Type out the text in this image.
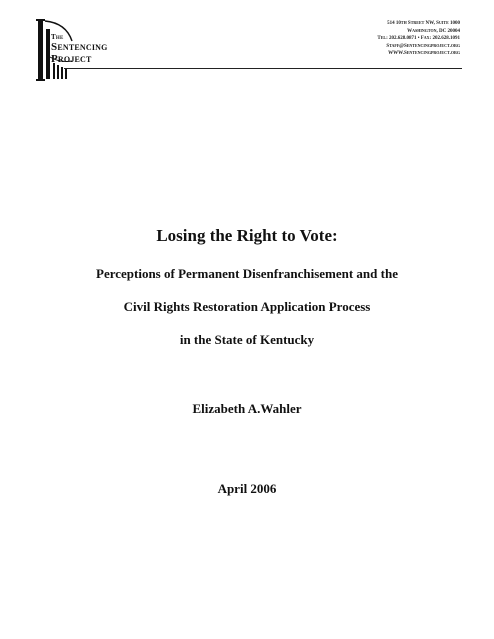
The
Sentencing
Project
514 10th Street NW, Suite 1000
Washington, DC 20004
Tel: 202.628.0871 • Fax: 202.628.1091
Staff@Sentencingproject.org
WWW.Sentencingproject.org
Losing the Right to Vote:
Perceptions of Permanent Disenfranchisement and the
Civil Rights Restoration Application Process
in the State of Kentucky
Elizabeth A.Wahler
April 2006
